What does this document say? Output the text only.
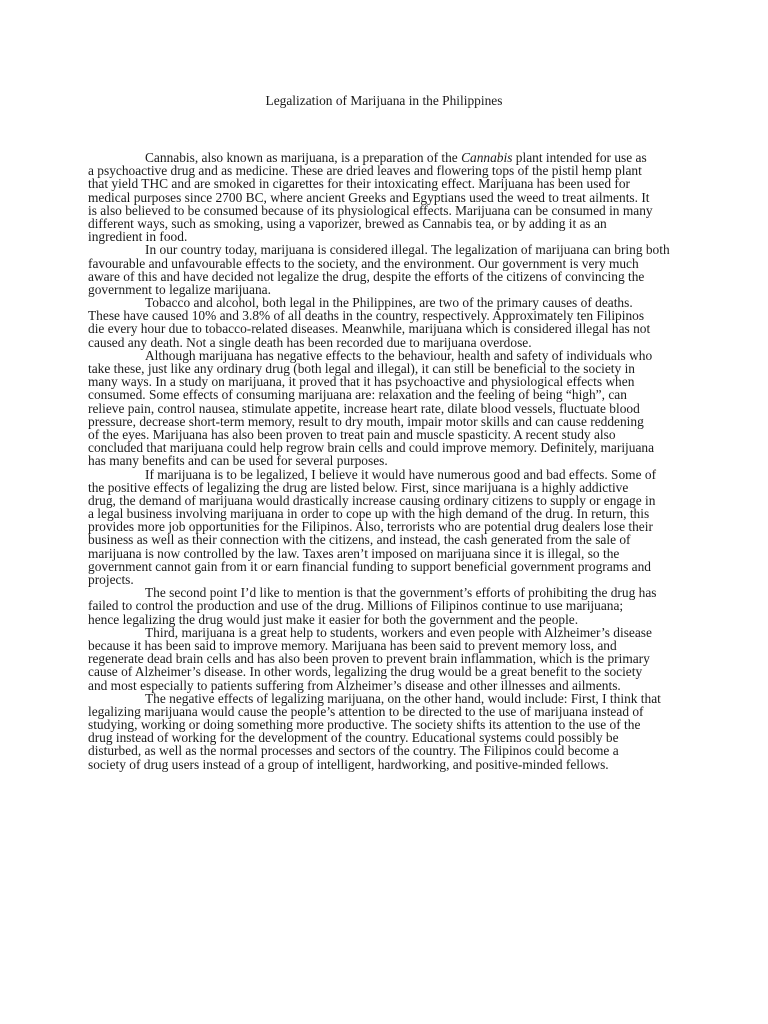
Legalization of Marijuana in the Philippines
Cannabis, also known as marijuana, is a preparation of the Cannabis plant intended for use as
a psychoactive drug and as medicine. These are dried leaves and flowering tops of the pistil hemp plant
that yield THC and are smoked in cigarettes for their intoxicating effect. Marijuana has been used for
medical purposes since 2700 BC, where ancient Greeks and Egyptians used the weed to treat ailments. It
is also believed to be consumed because of its physiological effects. Marijuana can be consumed in many
different ways, such as smoking, using a vaporizer, brewed as Cannabis tea, or by adding it as an
ingredient in food.
In our country today, marijuana is considered illegal. The legalization of marijuana can bring both
favourable and unfavourable effects to the society, and the environment. Our government is very much
aware of this and have decided not legalize the drug, despite the efforts of the citizens of convincing the
government to legalize marijuana.
Tobacco and alcohol, both legal in the Philippines, are two of the primary causes of deaths.
These have caused 10% and 3.8% of all deaths in the country, respectively. Approximately ten Filipinos
die every hour due to tobacco-related diseases. Meanwhile, marijuana which is considered illegal has not
caused any death. Not a single death has been recorded due to marijuana overdose.
Although marijuana has negative effects to the behaviour, health and safety of individuals who
take these, just like any ordinary drug (both legal and illegal), it can still be beneficial to the society in
many ways. In a study on marijuana, it proved that it has psychoactive and physiological effects when
consumed. Some effects of consuming marijuana are: relaxation and the feeling of being “high”, can
relieve pain, control nausea, stimulate appetite, increase heart rate, dilate blood vessels, fluctuate blood
pressure, decrease short-term memory, result to dry mouth, impair motor skills and can cause reddening
of the eyes. Marijuana has also been proven to treat pain and muscle spasticity. A recent study also
concluded that marijuana could help regrow brain cells and could improve memory. Definitely, marijuana
has many benefits and can be used for several purposes.
If marijuana is to be legalized, I believe it would have numerous good and bad effects. Some of
the positive effects of legalizing the drug are listed below. First, since marijuana is a highly addictive
drug, the demand of marijuana would drastically increase causing ordinary citizens to supply or engage in
a legal business involving marijuana in order to cope up with the high demand of the drug. In return, this
provides more job opportunities for the Filipinos. Also, terrorists who are potential drug dealers lose their
business as well as their connection with the citizens, and instead, the cash generated from the sale of
marijuana is now controlled by the law. Taxes aren’t imposed on marijuana since it is illegal, so the
government cannot gain from it or earn financial funding to support beneficial government programs and
projects.
The second point I’d like to mention is that the government’s efforts of prohibiting the drug has
failed to control the production and use of the drug. Millions of Filipinos continue to use marijuana;
hence legalizing the drug would just make it easier for both the government and the people.
Third, marijuana is a great help to students, workers and even people with Alzheimer’s disease
because it has been said to improve memory. Marijuana has been said to prevent memory loss, and
regenerate dead brain cells and has also been proven to prevent brain inflammation, which is the primary
cause of Alzheimer’s disease. In other words, legalizing the drug would be a great benefit to the society
and most especially to patients suffering from Alzheimer’s disease and other illnesses and ailments.
The negative effects of legalizing marijuana, on the other hand, would include: First, I think that
legalizing marijuana would cause the people’s attention to be directed to the use of marijuana instead of
studying, working or doing something more productive. The society shifts its attention to the use of the
drug instead of working for the development of the country. Educational systems could possibly be
disturbed, as well as the normal processes and sectors of the country. The Filipinos could become a
society of drug users instead of a group of intelligent, hardworking, and positive-minded fellows.
